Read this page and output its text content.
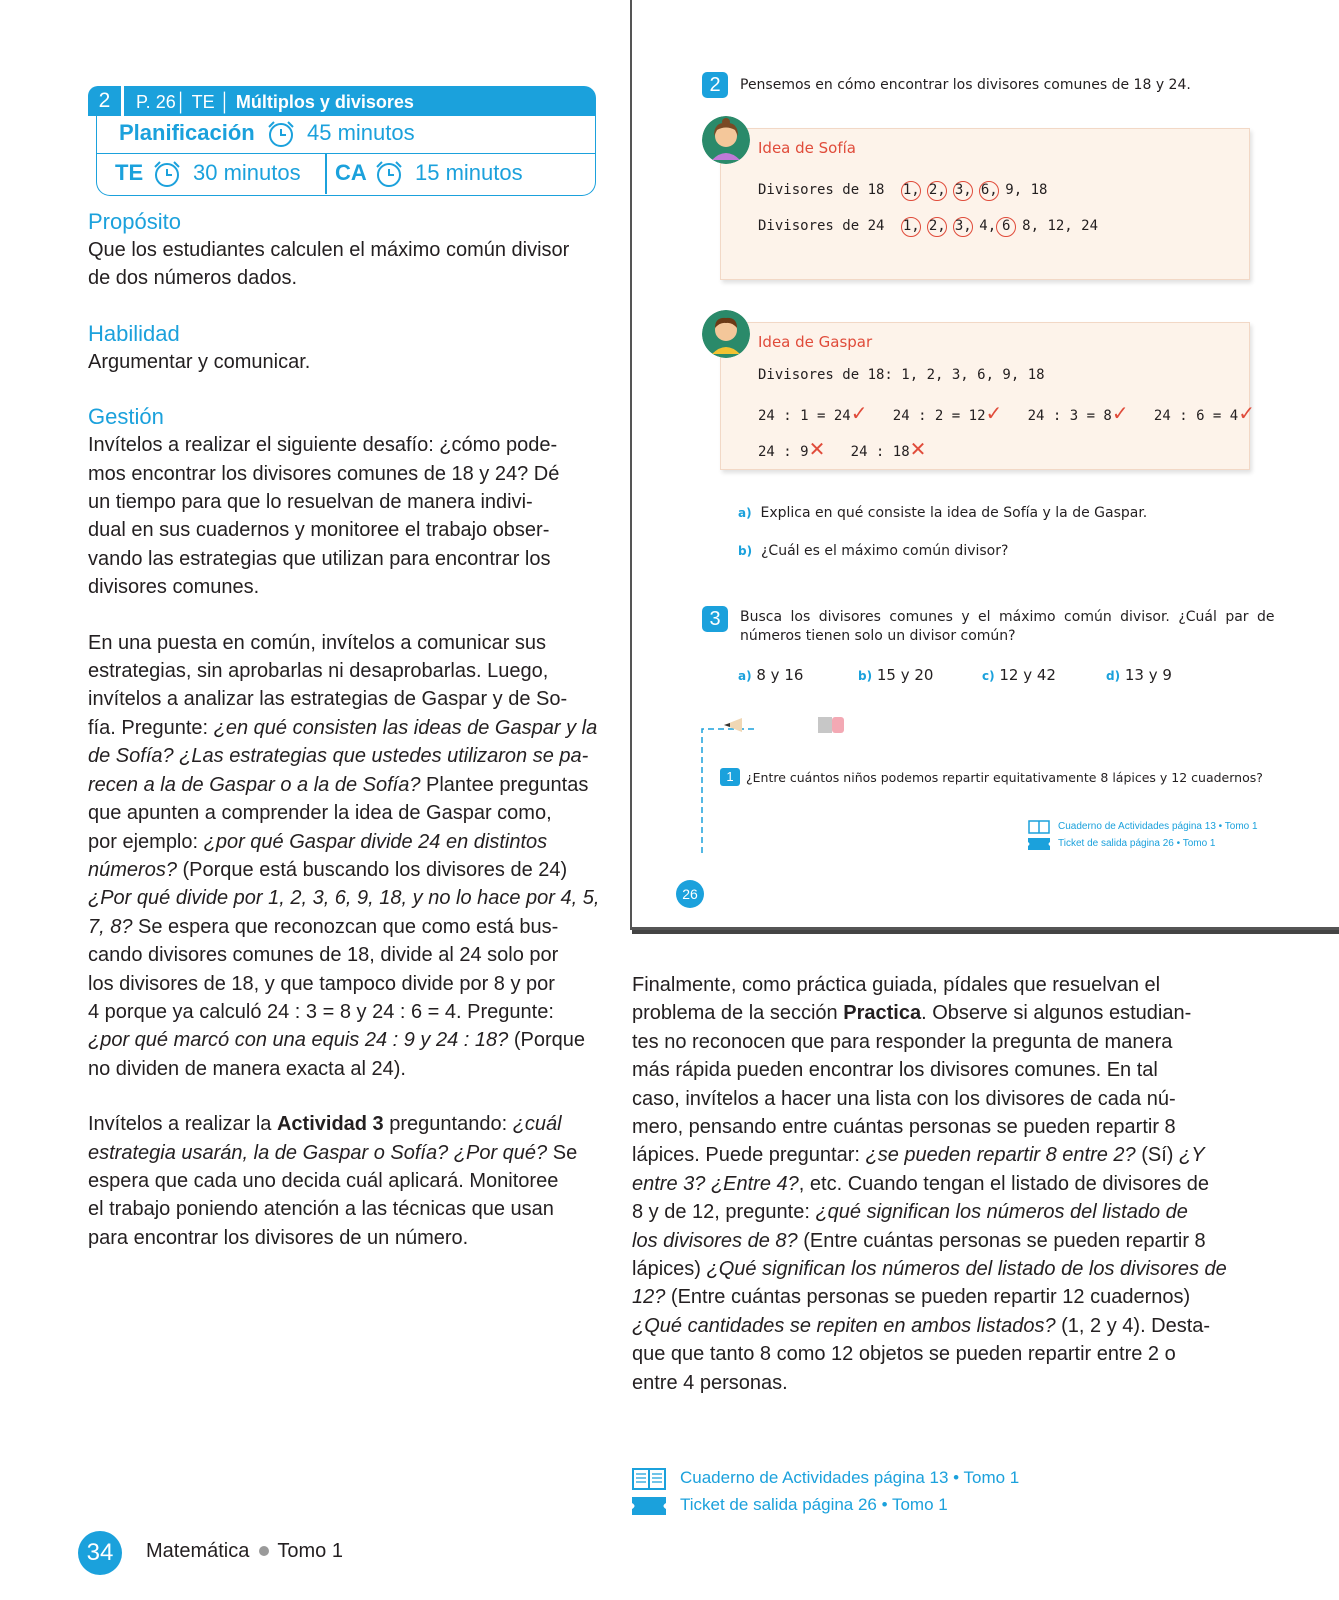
2	P. 26│ TE │ Múltiplos y divisores
Planificación 45 minutos
TE 30 minutos CA 15 minutos
Propósito
Que los estudiantes calculen el máximo común divisor
de dos números dados.
Habilidad
Argumentar y comunicar.
Gestión
Invítelos a realizar el siguiente desafío: ¿cómo pode-
mos encontrar los divisores comunes de 18 y 24? Dé
un tiempo para que lo resuelvan de manera indivi-
dual en sus cuadernos y monitoree el trabajo obser-
vando las estrategias que utilizan para encontrar los
divisores comunes.
En una puesta en común, invítelos a comunicar sus
estrategias, sin aprobarlas ni desaprobarlas. Luego,
invítelos a analizar las estrategias de Gaspar y de So-
fía. Pregunte: ¿en qué consisten las ideas de Gaspar y la
de Sofía? ¿Las estrategias que ustedes utilizaron se pa-
recen a la de Gaspar o a la de Sofía? Plantee preguntas
que apunten a comprender la idea de Gaspar como,
por ejemplo: ¿por qué Gaspar divide 24 en distintos
números? (Porque está buscando los divisores de 24)
¿Por qué divide por 1, 2, 3, 6, 9, 18, y no lo hace por 4, 5,
7, 8? Se espera que reconozcan que como está bus-
cando divisores comunes de 18, divide al 24 solo por
los divisores de 18, y que tampoco divide por 8 y por
4 porque ya calculó 24 : 3 = 8 y 24 : 6 = 4. Pregunte:
¿por qué marcó con una equis 24 : 9 y 24 : 18? (Porque
no dividen de manera exacta al 24).
Invítelos a realizar la Actividad 3 preguntando: ¿cuál
estrategia usarán, la de Gaspar o Sofía? ¿Por qué? Se
espera que cada uno decida cuál aplicará. Monitoree
el trabajo poniendo atención a las técnicas que usan
para encontrar los divisores de un número.
2	Pensemos en cómo encontrar los divisores comunes de 18 y 24.
Idea de Sofía
Divisores de 18 1, 2, 3, 6, 9, 18
Divisores de 24 1, 2, 3, 4, 6 8, 12, 24
Idea de Gaspar
Divisores de 18: 1, 2, 3, 6, 9, 18
24 : 1 = 24✓ 24 : 2 = 12✓ 24 : 3 = 8✓ 24 : 6 = 4✓
24 : 9✕ 24 : 18✕
a) Explica en qué consiste la idea de Sofía y la de Gaspar.
b) ¿Cuál es el máximo común divisor?
3	Busca los divisores comunes y el máximo común divisor. ¿Cuál par de
números tienen solo un divisor común?
a) 8 y 16	b) 15 y 20	c) 12 y 42	d) 13 y 9
1 ¿Entre cuántos niños podemos repartir equitativamente 8 lápices y 12 cuadernos?
Cuaderno de Actividades página 13 • Tomo 1
Ticket de salida página 26 • Tomo 1
26
Finalmente, como práctica guiada, pídales que resuelvan el
problema de la sección Practica. Observe si algunos estudian-
tes no reconocen que para responder la pregunta de manera
más rápida pueden encontrar los divisores comunes. En tal
caso, invítelos a hacer una lista con los divisores de cada nú-
mero, pensando entre cuántas personas se pueden repartir 8
lápices. Puede preguntar: ¿se pueden repartir 8 entre 2? (Sí) ¿Y
entre 3? ¿Entre 4?, etc. Cuando tengan el listado de divisores de
8 y de 12, pregunte: ¿qué significan los números del listado de
los divisores de 8? (Entre cuántas personas se pueden repartir 8
lápices) ¿Qué significan los números del listado de los divisores de
12? (Entre cuántas personas se pueden repartir 12 cuadernos)
¿Qué cantidades se repiten en ambos listados? (1, 2 y 4). Desta-
que que tanto 8 como 12 objetos se pueden repartir entre 2 o
entre 4 personas.
Cuaderno de Actividades página 13 • Tomo 1
Ticket de salida página 26 • Tomo 1
34	Matemática Tomo 1
